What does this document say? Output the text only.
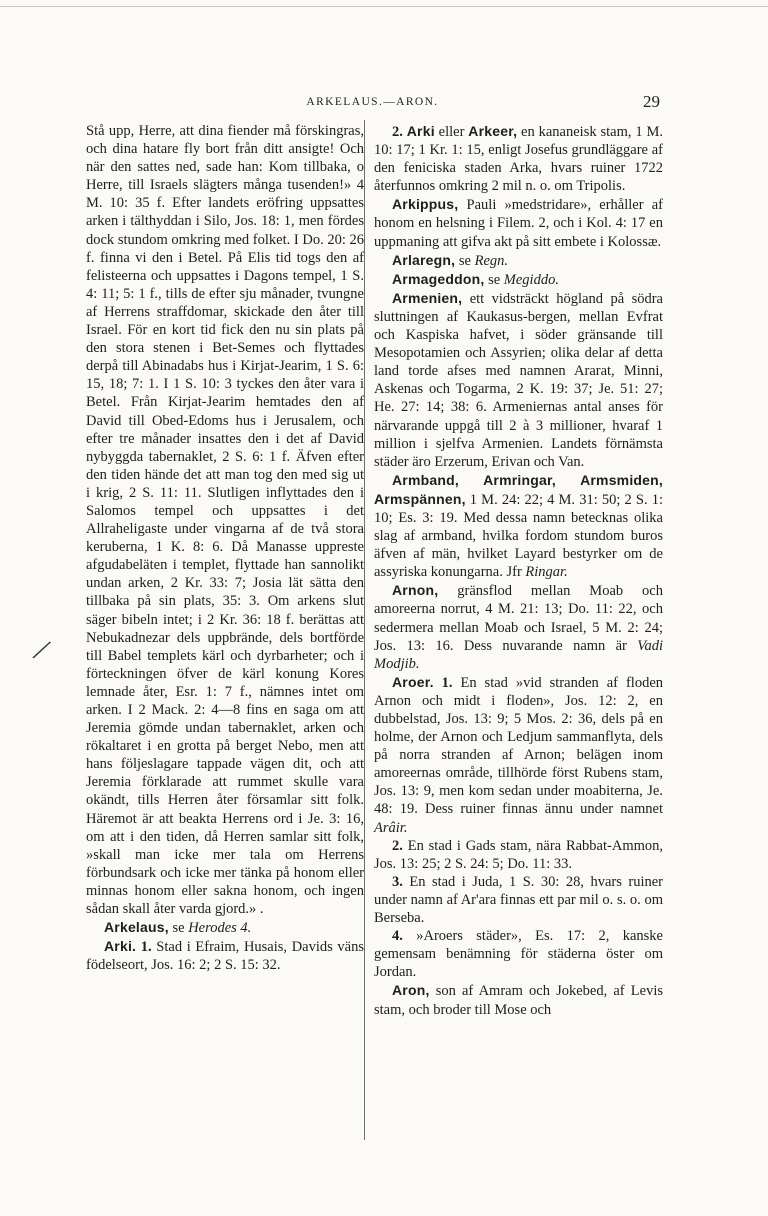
ARKELAUS.—ARON.	29
╱

Stå upp, Herre, att dina fiender må förskingras, och dina hatare fly bort från ditt ansigte! Och när den sattes ned, sade han: Kom tillbaka, o Herre, till Israels slägters många tusenden!» 4 M. 10: 35 f. Efter landets eröfring uppsattes arken i tälthyddan i Silo, Jos. 18: 1, men fördes dock stundom omkring med folket. I Do. 20: 26 f. finna vi den i Betel. På Elis tid togs den af felisteerna och uppsattes i Dagons tempel, 1 S. 4: 11; 5: 1 f., tills de efter sju månader, tvungne af Herrens straffdomar, skickade den åter till Israel. För en kort tid fick den nu sin plats på den stora stenen i Bet-Semes och flyttades derpå till Abinadabs hus i Kirjat-Jearim, 1 S. 6: 15, 18; 7: 1. I 1 S. 10: 3 tyckes den åter vara i Betel. Från Kirjat-Jearim hemtades den af David till Obed-Edoms hus i Jerusalem, och efter tre månader insattes den i det af David nybyggda tabernaklet, 2 S. 6: 1 f. Äfven efter den tiden hände det att man tog den med sig ut i krig, 2 S. 11: 11. Slutligen inflyttades den i Salomos tempel och uppsattes i det Allraheligaste under vingarna af de två stora keruberna, 1 K. 8: 6. Då Manasse uppreste afgudabeläten i templet, flyttade han sannolikt undan arken, 2 Kr. 33: 7; Josia lät sätta den tillbaka på sin plats, 35: 3. Om arkens slut säger bibeln intet; i 2 Kr. 36: 18 f. berättas att Nebukadnezar dels uppbrände, dels bortförde till Babel templets kärl och dyrbarheter; och i förteckningen öfver de kärl konung Kores lemnade åter, Esr. 1: 7 f., nämnes intet om arken. I 2 Mack. 2: 4—8 fins en saga om att Jeremia gömde undan tabernaklet, arken och rökaltaret i en grotta på berget Nebo, men att hans följeslagare tappade vägen dit, och att Jeremia förklarade att rummet skulle vara okändt, tills Herren åter församlar sitt folk. Häremot är att beakta Herrens ord i Je. 3: 16, om att i den tiden, då Herren samlar sitt folk, »skall man icke mer tala om Herrens förbundsark och icke mer tänka på honom eller minnas honom eller sakna honom, och ingen sådan skall åter varda gjord.» .

Arkelaus, se Herodes 4.

Arki. 1. Stad i Efraim, Husais, Davids väns födelseort, Jos. 16: 2; 2 S. 15: 32.

2. Arki eller Arkeer, en kananeisk stam, 1 M. 10: 17; 1 Kr. 1: 15, enligt Josefus grundläggare af den feniciska staden Arka, hvars ruiner 1722 återfunnos omkring 2 mil n. o. om Tripolis.

Arkippus, Pauli »medstridare», erhåller af honom en helsning i Filem. 2, och i Kol. 4: 17 en uppmaning att gifva akt på sitt embete i Kolossæ.

Arlaregn, se Regn.

Armageddon, se Megiddo.

Armenien, ett vidsträckt högland på södra sluttningen af Kaukasus-bergen, mellan Evfrat och Kaspiska hafvet, i söder gränsande till Mesopotamien och Assyrien; olika delar af detta land torde afses med namnen Ararat, Minni, Askenas och Togarma, 2 K. 19: 37; Je. 51: 27; He. 27: 14; 38: 6. Armeniernas antal anses för närvarande uppgå till 2 à 3 millioner, hvaraf 1 million i sjelfva Armenien. Landets förnämsta städer äro Erzerum, Erivan och Van.

Armband, Armringar, Armsmiden, Armspännen, 1 M. 24: 22; 4 M. 31: 50; 2 S. 1: 10; Es. 3: 19. Med dessa namn betecknas olika slag af armband, hvilka fordom stundom buros äfven af män, hvilket Layard bestyrker om de assyriska konungarna. Jfr Ringar.

Arnon, gränsflod mellan Moab och amoreerna norrut, 4 M. 21: 13; Do. 11: 22, och sedermera mellan Moab och Israel, 5 M. 2: 24; Jos. 13: 16. Dess nuvarande namn är Vadi Modjib.

Aroer. 1. En stad »vid stranden af floden Arnon och midt i floden», Jos. 12: 2, en dubbelstad, Jos. 13: 9; 5 Mos. 2: 36, dels på en holme, der Arnon och Ledjum sammanflyta, dels på norra stranden af Arnon; belägen inom amoreernas område, tillhörde först Rubens stam, Jos. 13: 9, men kom sedan under moabiterna, Je. 48: 19. Dess ruiner finnas ännu under namnet Arâir.

2. En stad i Gads stam, nära Rabbat-Ammon, Jos. 13: 25; 2 S. 24: 5; Do. 11: 33.

3. En stad i Juda, 1 S. 30: 28, hvars ruiner under namn af Ar'ara finnas ett par mil o. s. o. om Berseba.

4. »Aroers städer», Es. 17: 2, kanske gemensam benämning för städerna öster om Jordan.

Aron, son af Amram och Jokebed, af Levis stam, och broder till Mose och
